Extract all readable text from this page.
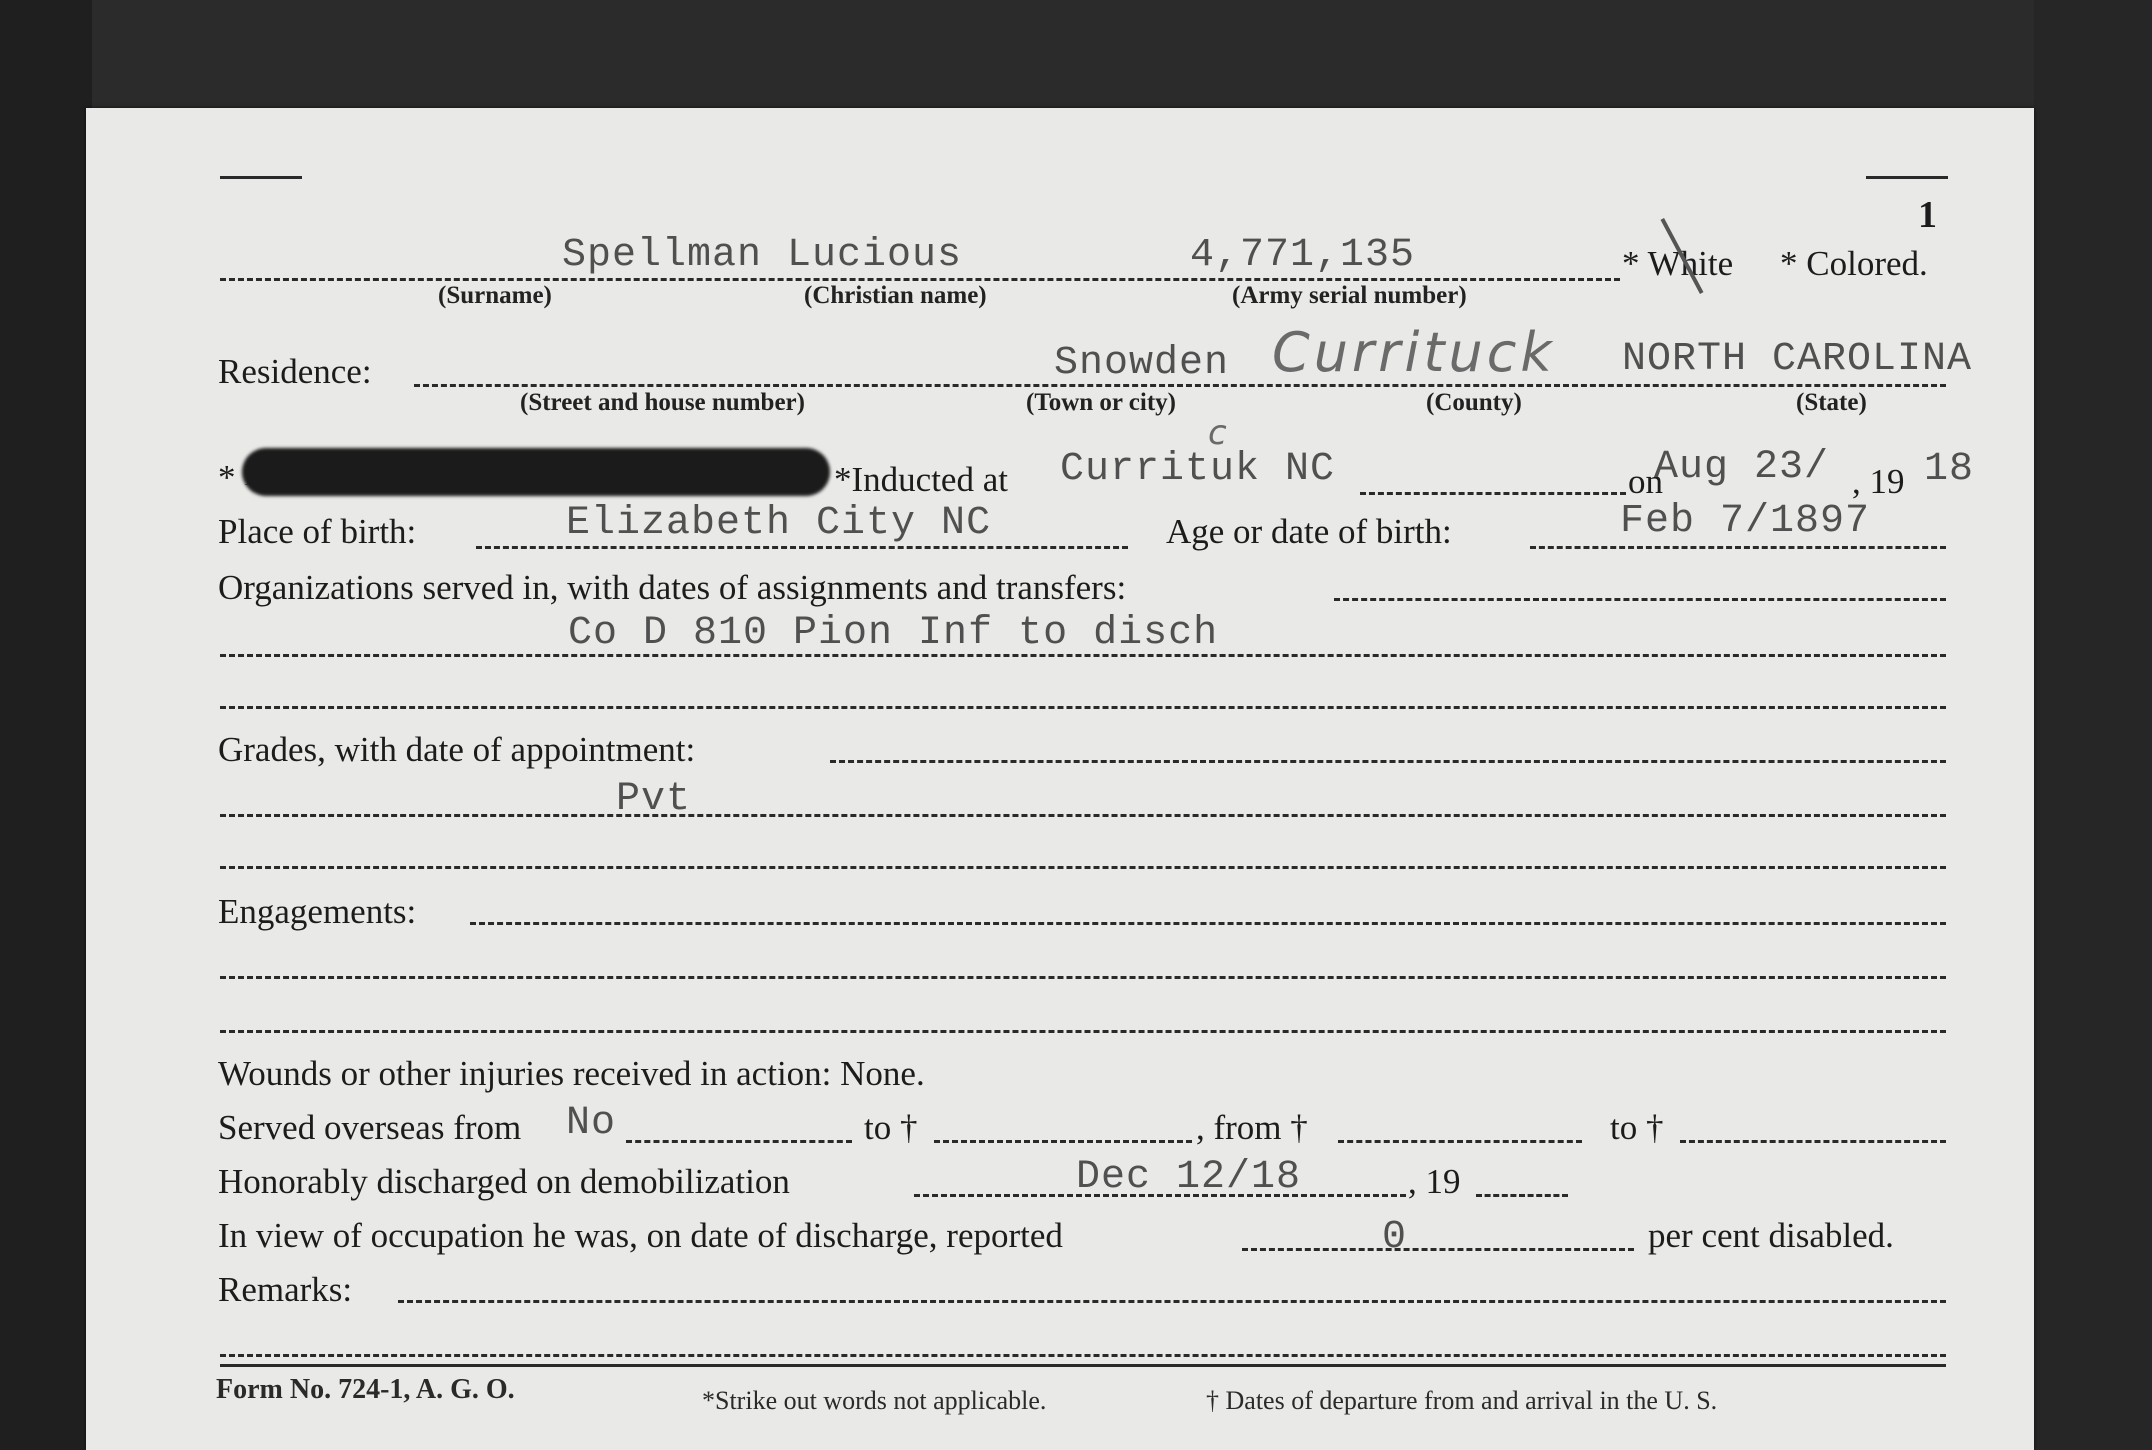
1
Spellman Lucious	4,771,135	* White * Colored.
(Surname)	(Christian name)	(Army serial number)
Residence:	Snowden Currituck NORTH CAROLINA
(Street and house number)	(Town or city)	(County)	(State)
*	*Inducted at Currituk NC
c
on
Aug 23/ , 19 18
Place of birth:	Elizabeth City NC	Age or date of birth:	Feb 7/1897
Organizations served in, with dates of assignments and transfers:
Co D 810 Pion Inf to disch
Grades, with date of appointment:
Pvt
Engagements:
Wounds or other injuries received in action: None.
Served overseas from No	to †	, from †	to †
Honorably discharged on demobilization	Dec 12/18	, 19
In view of occupation he was, on date of discharge, reported	0	per cent disabled.
Remarks:
Form No. 724-1, A. G. O.	*Strike out words not applicable.	† Dates of departure from and arrival in the U. S.
